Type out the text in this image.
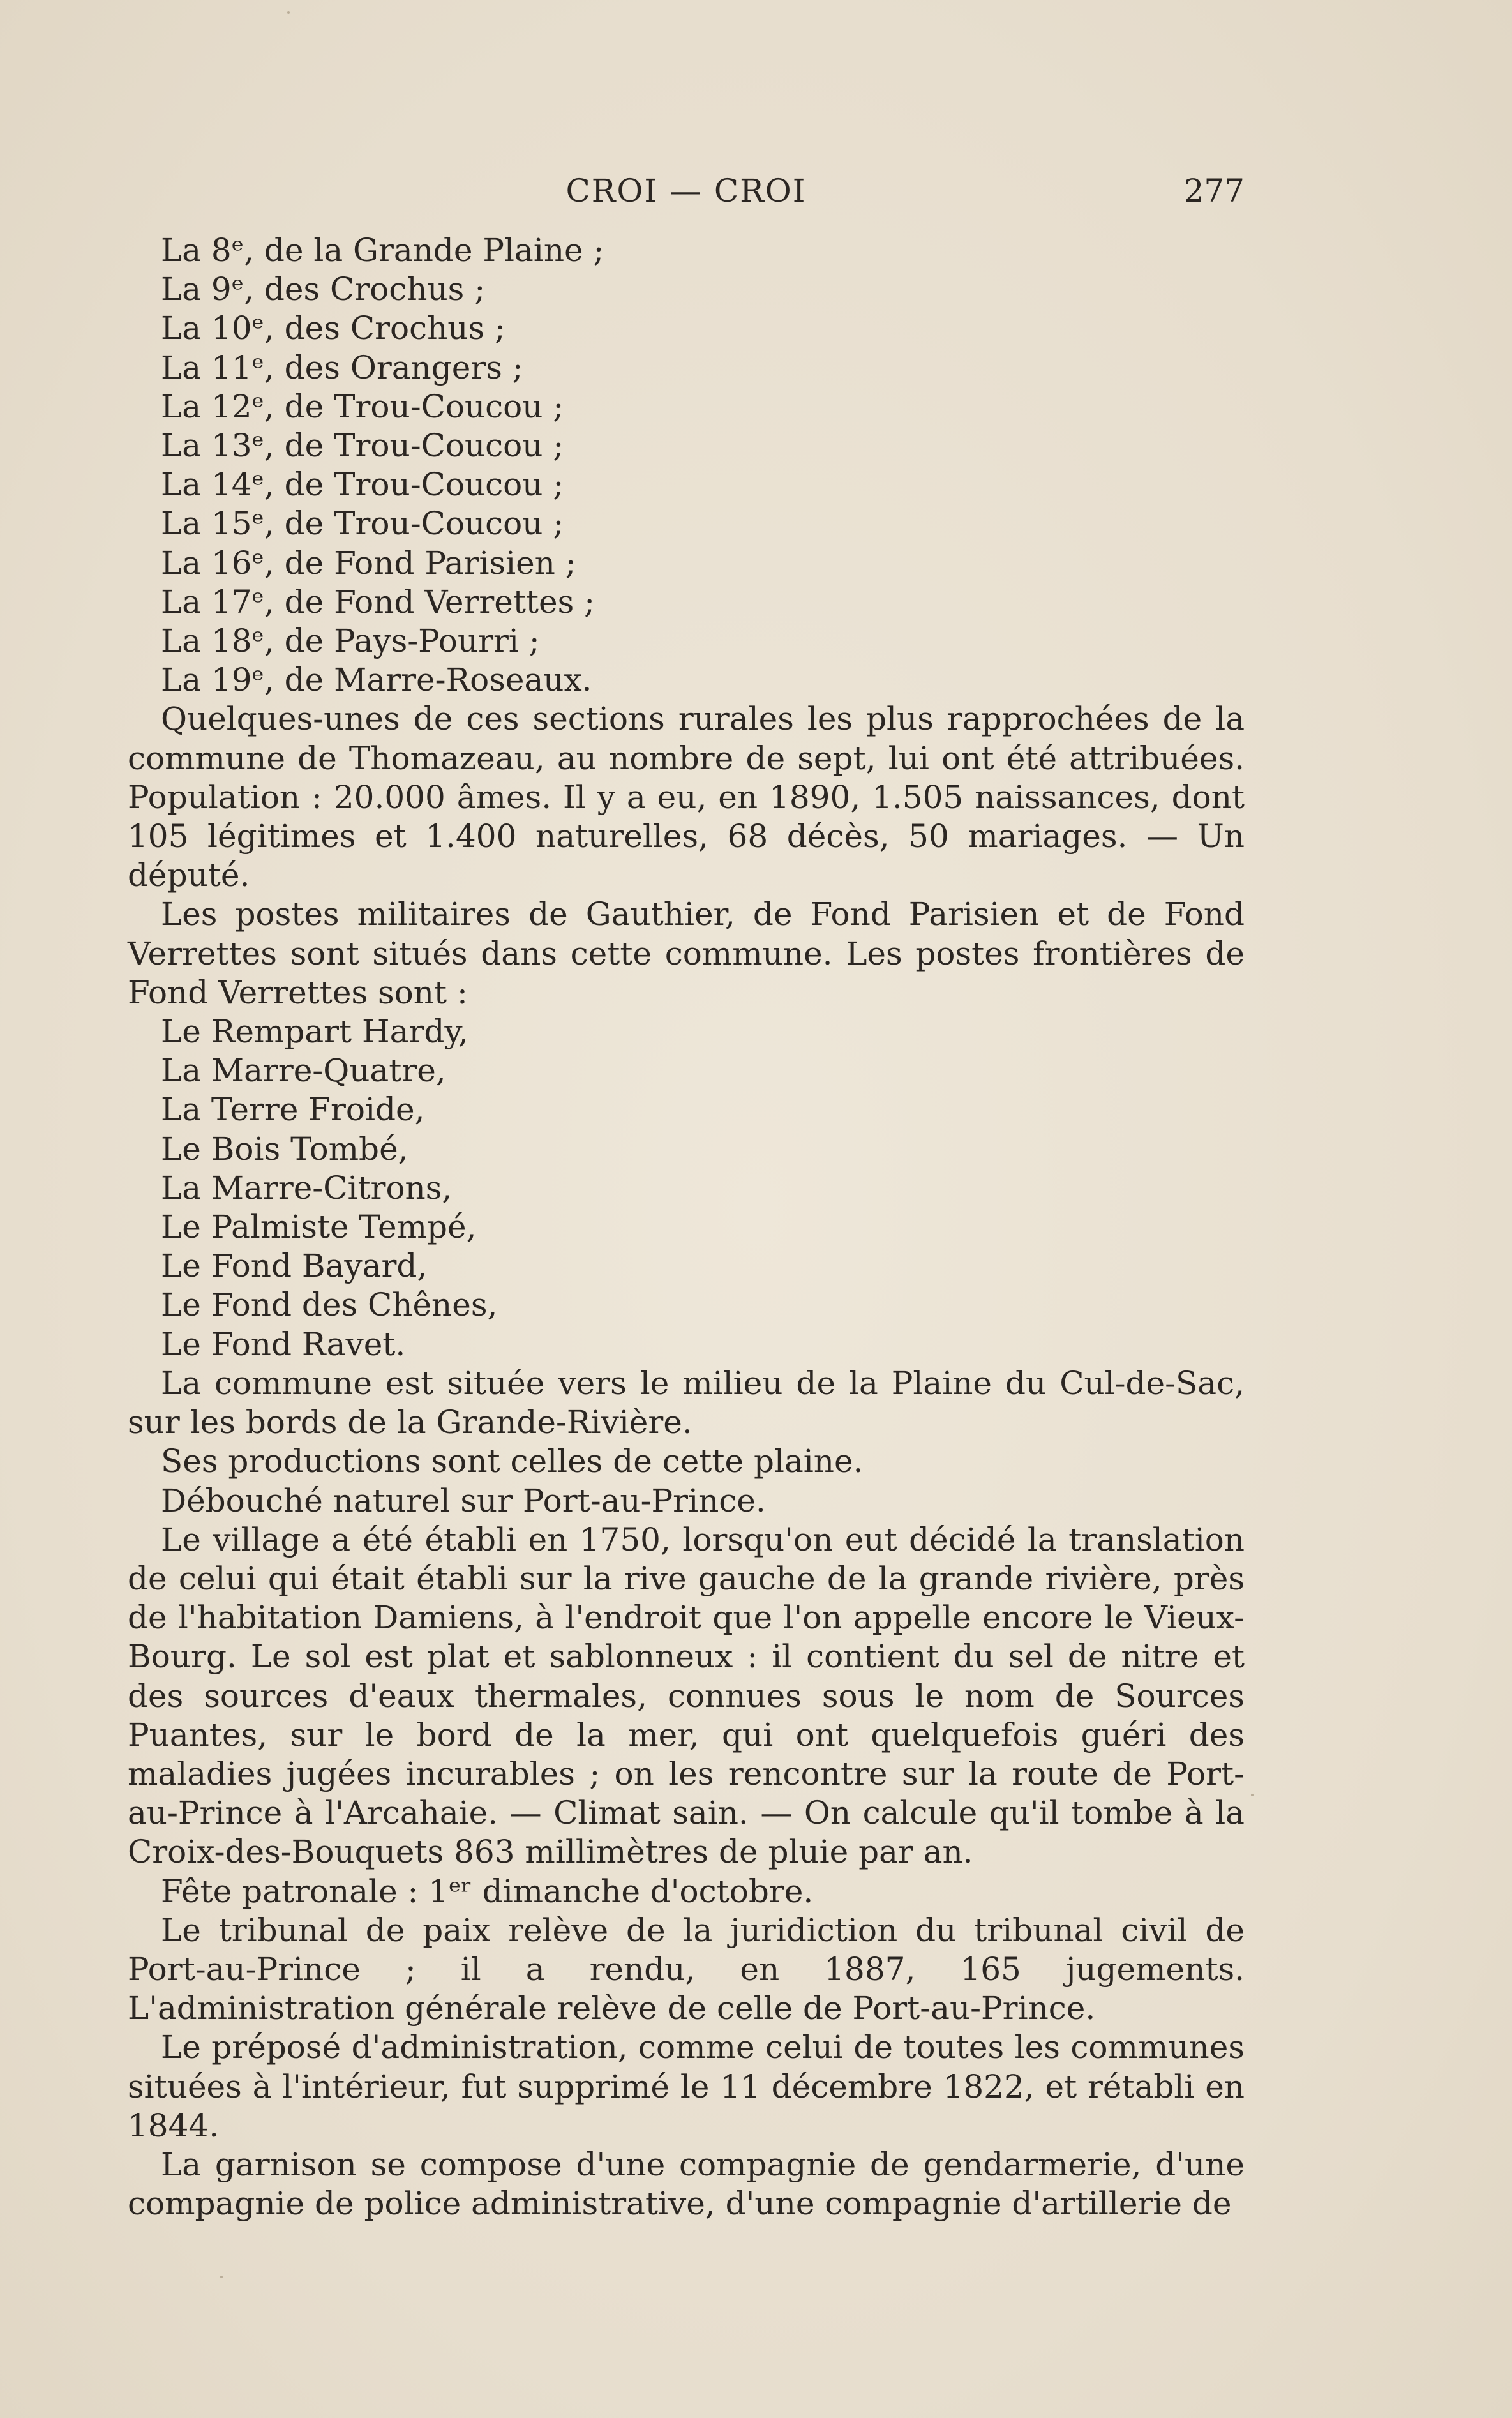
CROI — CROI	277
La 8ᵉ, de la Grande Plaine ;
La 9ᵉ, des Crochus ;
La 10ᵉ, des Crochus ;
La 11ᵉ, des Orangers ;
La 12ᵉ, de Trou-Coucou ;
La 13ᵉ, de Trou-Coucou ;
La 14ᵉ, de Trou-Coucou ;
La 15ᵉ, de Trou-Coucou ;
La 16ᵉ, de Fond Parisien ;
La 17ᵉ, de Fond Verrettes ;
La 18ᵉ, de Pays-Pourri ;
La 19ᵉ, de Marre-Roseaux.
Quelques-unes de ces sections rurales les plus rapprochées de la commune de Thomazeau, au nombre de sept, lui ont été attribuées. Population : 20.000 âmes. Il y a eu, en 1890, 1.505 naissances, dont 105 légitimes et 1.400 naturelles, 68 décès, 50 mariages. — Un député.
Les postes militaires de Gauthier, de Fond Parisien et de Fond Verrettes sont situés dans cette commune. Les postes frontières de Fond Verrettes sont :
Le Rempart Hardy,
La Marre-Quatre,
La Terre Froide,
Le Bois Tombé,
La Marre-Citrons,
Le Palmiste Tempé,
Le Fond Bayard,
Le Fond des Chênes,
Le Fond Ravet.
La commune est située vers le milieu de la Plaine du Cul-de-Sac, sur les bords de la Grande-Rivière.
Ses productions sont celles de cette plaine.
Débouché naturel sur Port-au-Prince.
Le village a été établi en 1750, lorsqu'on eut décidé la translation de celui qui était établi sur la rive gauche de la grande rivière, près de l'habitation Damiens, à l'endroit que l'on appelle encore le Vieux-Bourg. Le sol est plat et sablonneux : il contient du sel de nitre et des sources d'eaux thermales, connues sous le nom de Sources Puantes, sur le bord de la mer, qui ont quelquefois guéri des maladies jugées incurables ; on les rencontre sur la route de Port-au-Prince à l'Arcahaie. — Climat sain. — On calcule qu'il tombe à la Croix-des-Bouquets 863 millimètres de pluie par an.
Fête patronale : 1ᵉʳ dimanche d'octobre.
Le tribunal de paix relève de la juridiction du tribunal civil de Port-au-Prince ; il a rendu, en 1887, 165 jugements. L'administration générale relève de celle de Port-au-Prince.
Le préposé d'administration, comme celui de toutes les communes situées à l'intérieur, fut supprimé le 11 décembre 1822, et rétabli en 1844.
La garnison se compose d'une compagnie de gendarmerie, d'une compagnie de police administrative, d'une compagnie d'artillerie de
